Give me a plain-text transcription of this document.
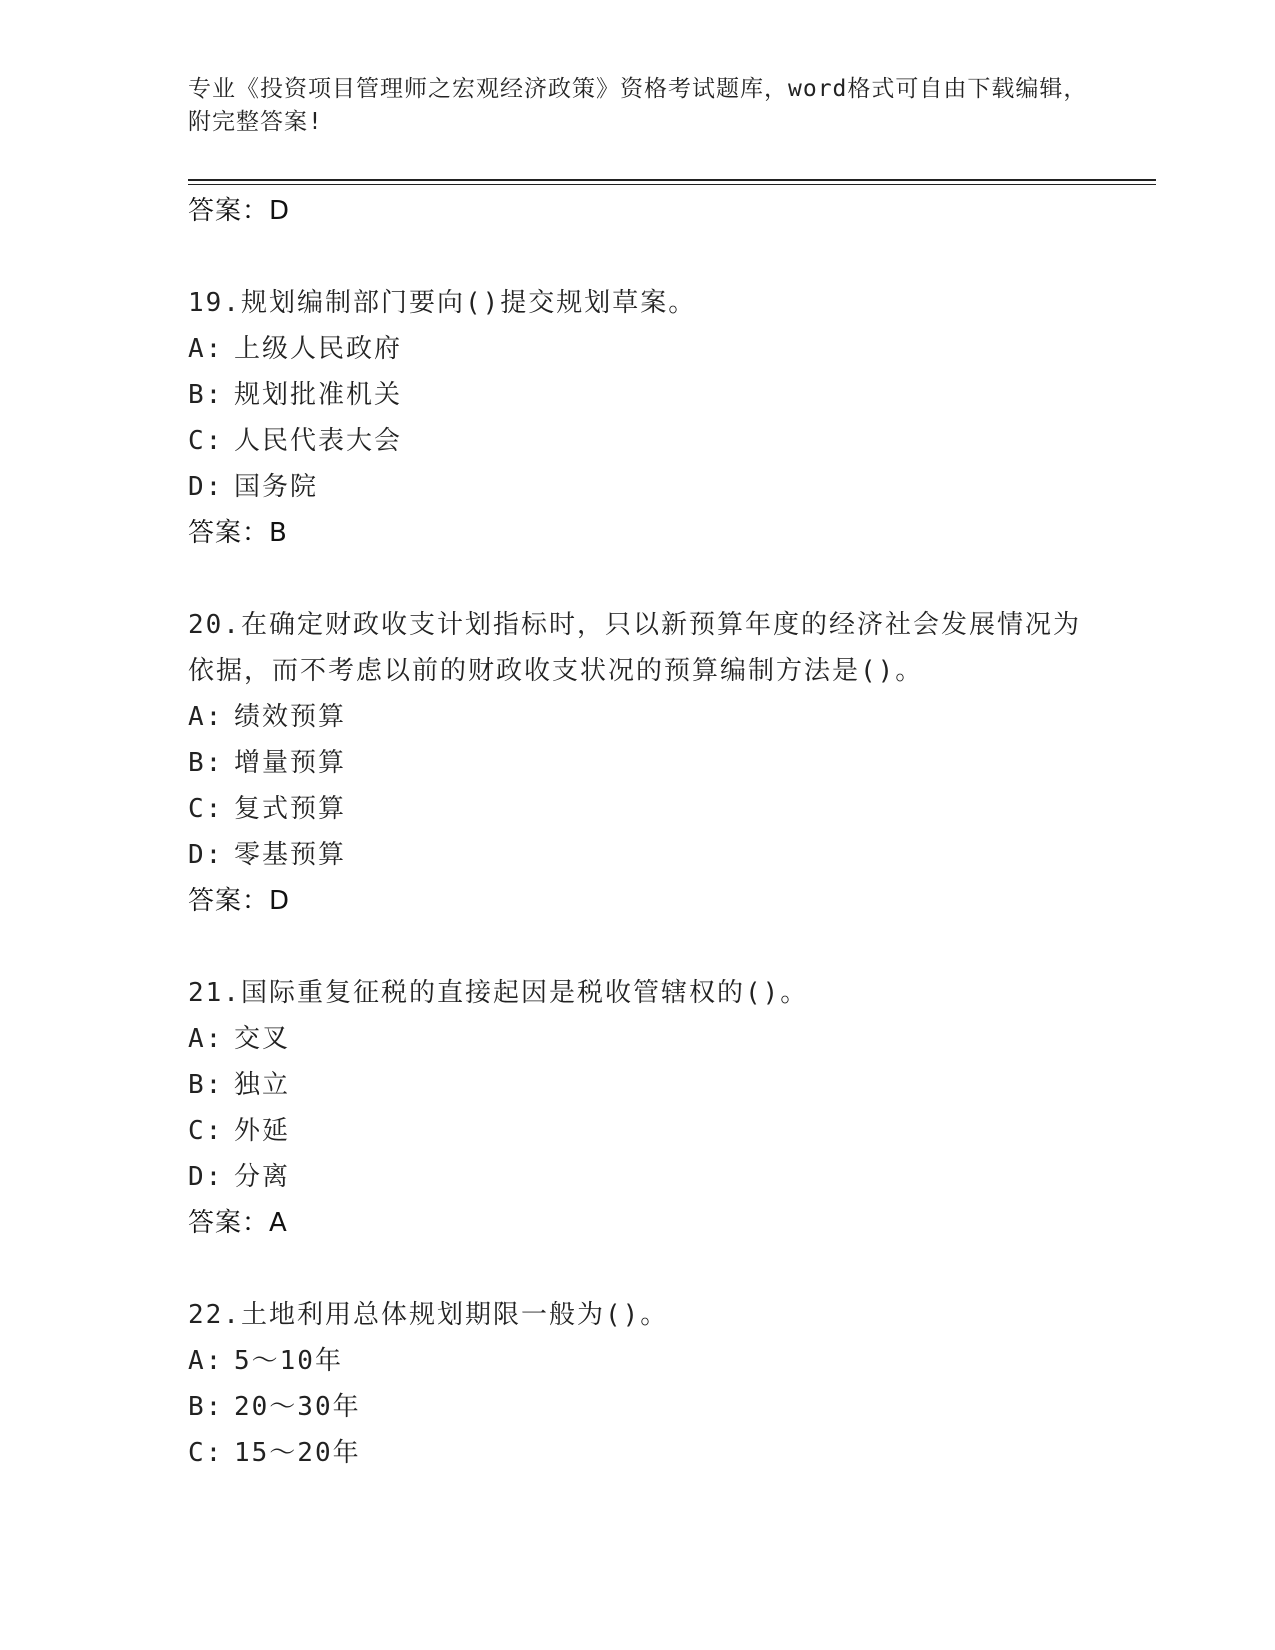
专业《投资项目管理师之宏观经济政策》资格考试题库，word格式可自由下载编辑，附完整答案!
答案：D
19.规划编制部门要向()提交规划草案。
A: 上级人民政府
B: 规划批准机关
C: 人民代表大会
D: 国务院
答案：B
20.在确定财政收支计划指标时，只以新预算年度的经济社会发展情况为依据，而不考虑以前的财政收支状况的预算编制方法是()。
A: 绩效预算
B: 增量预算
C: 复式预算
D: 零基预算
答案：D
21.国际重复征税的直接起因是税收管辖权的()。
A: 交叉
B: 独立
C: 外延
D: 分离
答案：A
22.土地利用总体规划期限一般为()。
A: 5～10年
B: 20～30年
C: 15～20年
